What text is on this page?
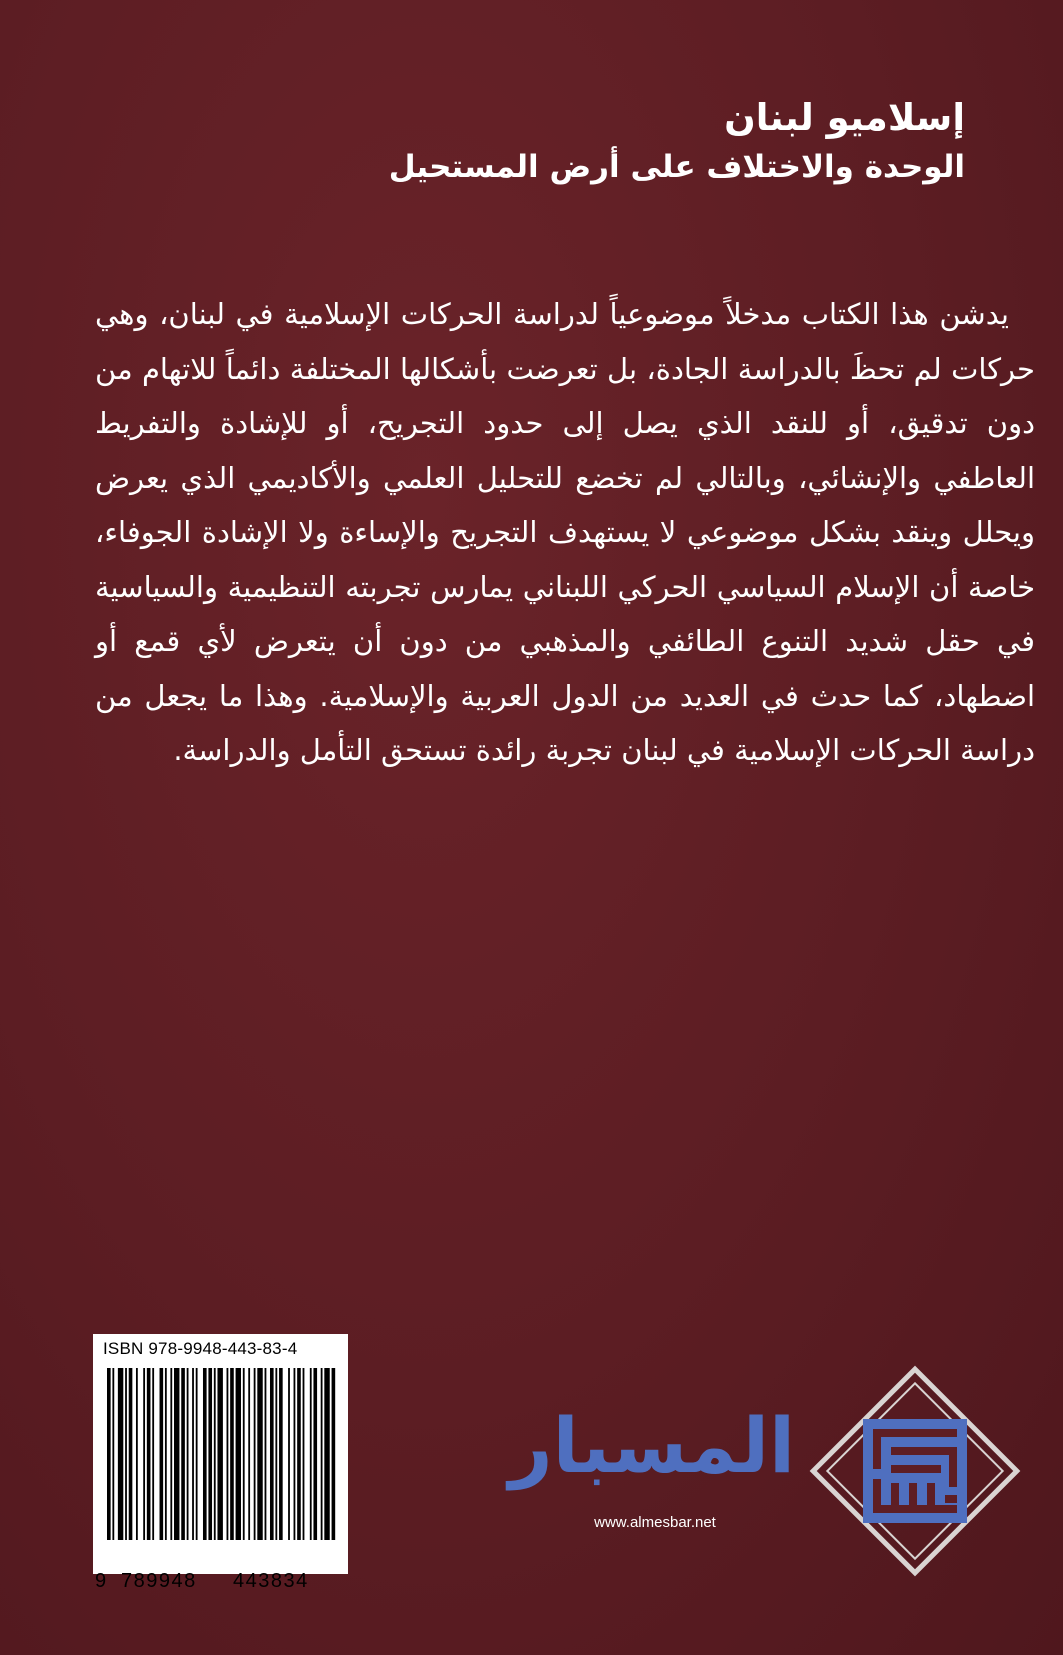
إسلاميو لبنان
الوحدة والاختلاف على أرض المستحيل

يدشن هذا الكتاب مدخلاً موضوعياً لدراسة الحركات الإسلامية في لبنان، وهي حركات لم تحظَ بالدراسة الجادة، بل تعرضت بأشكالها المختلفة دائماً للاتهام من دون تدقيق، أو للنقد الذي يصل إلى حدود التجريح، أو للإشادة والتفريط العاطفي والإنشائي، وبالتالي لم تخضع للتحليل العلمي والأكاديمي الذي يعرض ويحلل وينقد بشكل موضوعي لا يستهدف التجريح والإساءة ولا الإشادة الجوفاء، خاصة أن الإسلام السياسي الحركي اللبناني يمارس تجربته التنظيمية والسياسية في حقل شديد التنوع الطائفي والمذهبي من دون أن يتعرض لأي قمع أو اضطهاد، كما حدث في العديد من الدول العربية والإسلامية. وهذا ما يجعل من دراسة الحركات الإسلامية في لبنان تجربة رائدة تستحق التأمل والدراسة.

ISBN 978-9948-443-83-4
9 789948 443834
المسبار
www.almesbar.net
